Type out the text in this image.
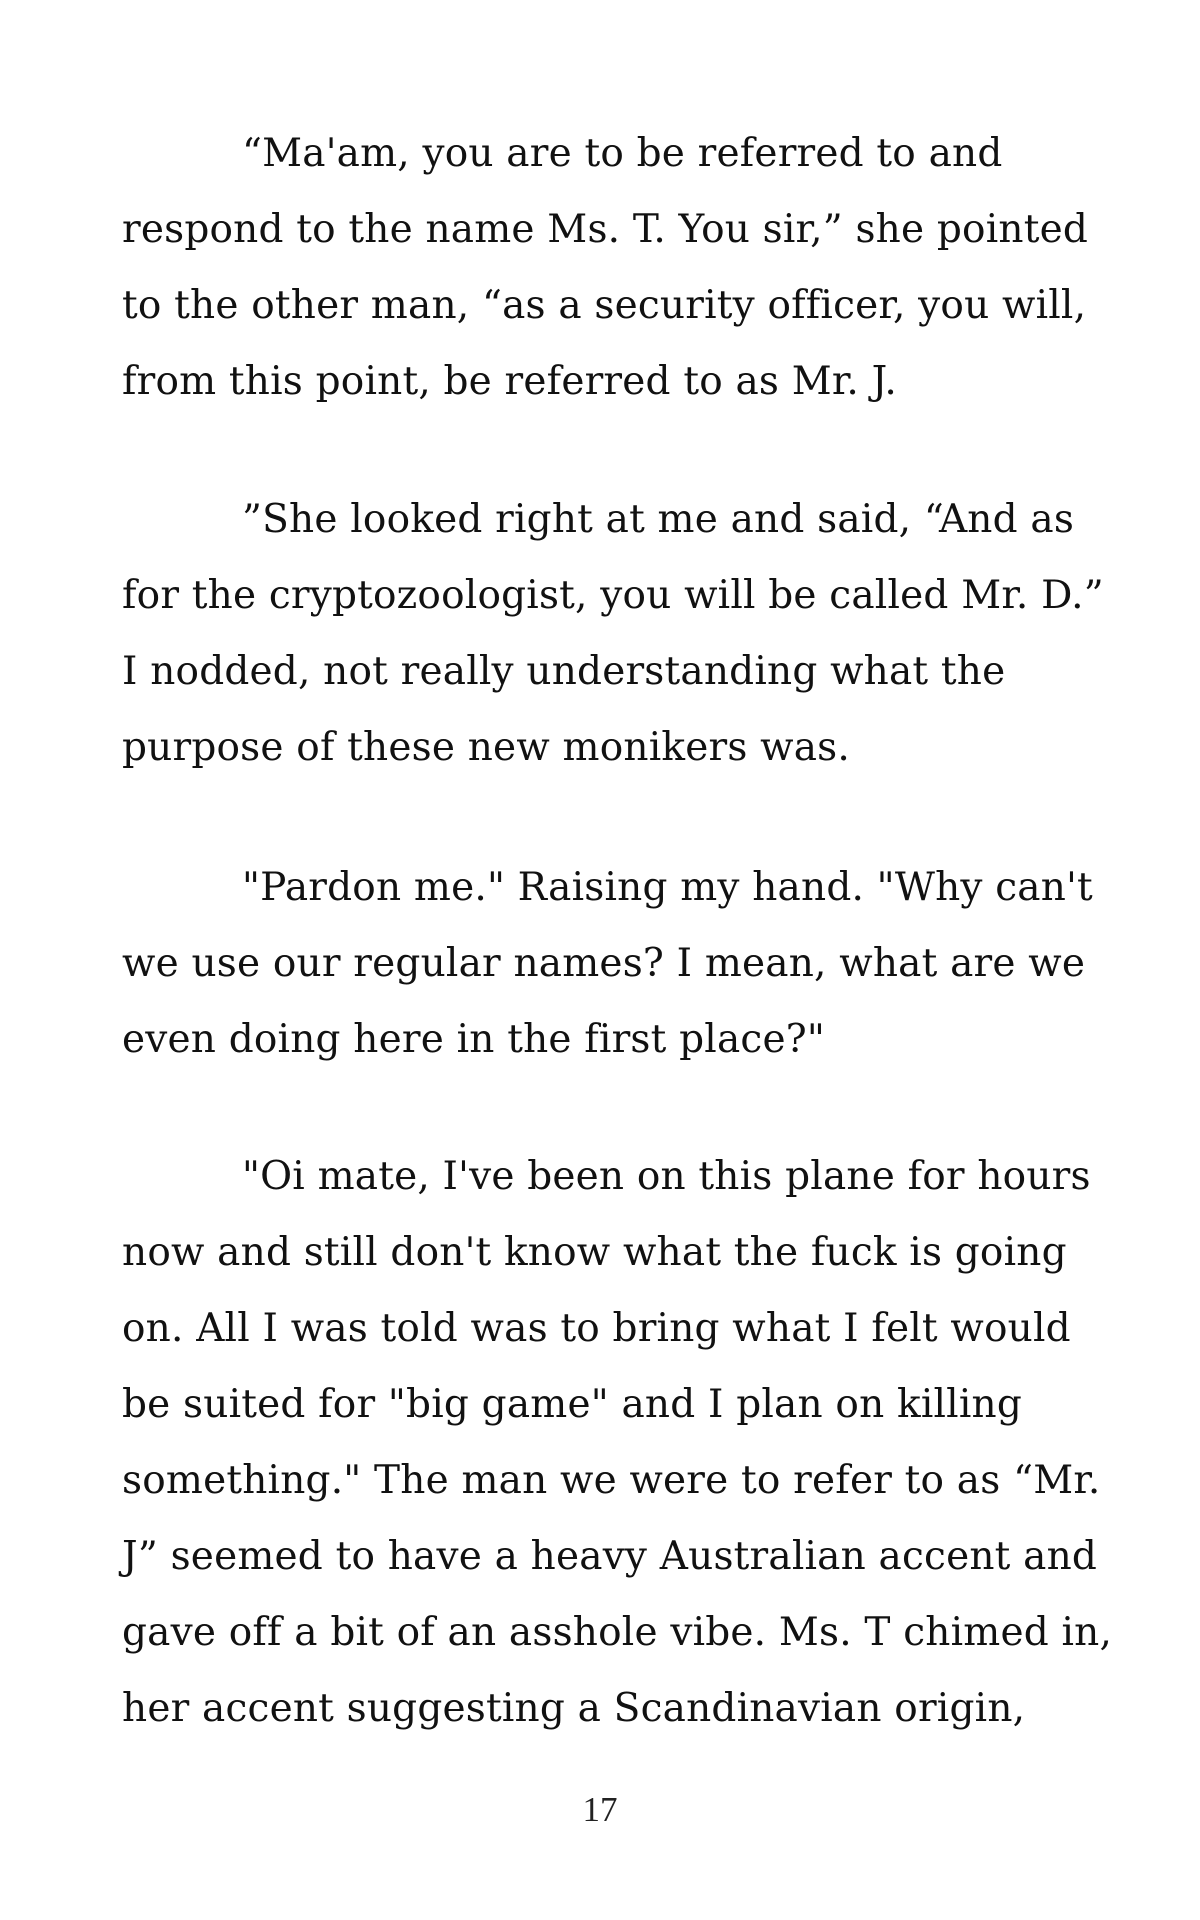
“Ma'am, you are to be referred to and
respond to the name Ms. T. You sir,” she pointed
to the other man, “as a security officer, you will,
from this point, be referred to as Mr. J.
”She looked right at me and said, “And as
for the cryptozoologist, you will be called Mr. D.”
I nodded, not really understanding what the
purpose of these new monikers was.
"Pardon me." Raising my hand. "Why can't
we use our regular names? I mean, what are we
even doing here in the first place?"
"Oi mate, I've been on this plane for hours
now and still don't know what the fuck is going
on. All I was told was to bring what I felt would
be suited for "big game" and I plan on killing
something." The man we were to refer to as “Mr.
J” seemed to have a heavy Australian accent and
gave off a bit of an asshole vibe. Ms. T chimed in,
her accent suggesting a Scandinavian origin,
17
